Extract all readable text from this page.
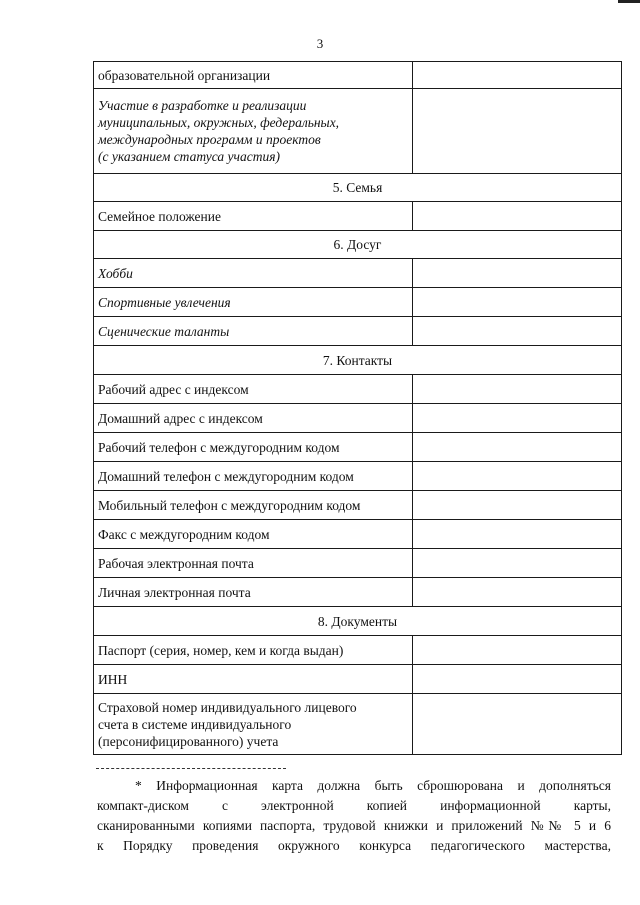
3
образовательной организации	
Участие в разработке и реализации
муниципальных, окружных, федеральных,
международных программ и проектов
(с указанием статуса участия)	
5. Семья	
Семейное положение	
6. Досуг	
Хобби	
Спортивные увлечения	
Сценические таланты	
7. Контакты	
Рабочий адрес с индексом	
Домашний адрес с индексом	
Рабочий телефон с междугородним кодом	
Домашний телефон с междугородним кодом	
Мобильный телефон с междугородним кодом	
Факс с междугородним кодом	
Рабочая электронная почта	
Личная электронная почта	
8. Документы	
Паспорт (серия, номер, кем и когда выдан)	
ИНН	
Страховой номер индивидуального лицевого
счета в системе индивидуального
(персонифицированного) учета	
* Информационная карта должна быть сброшюрована и дополняться
компакт-диском с электронной копией информационной карты,
сканированными копиями паспорта, трудовой книжки и приложений №№ 5 и 6
к Порядку проведения окружного конкурса педагогического мастерства,
